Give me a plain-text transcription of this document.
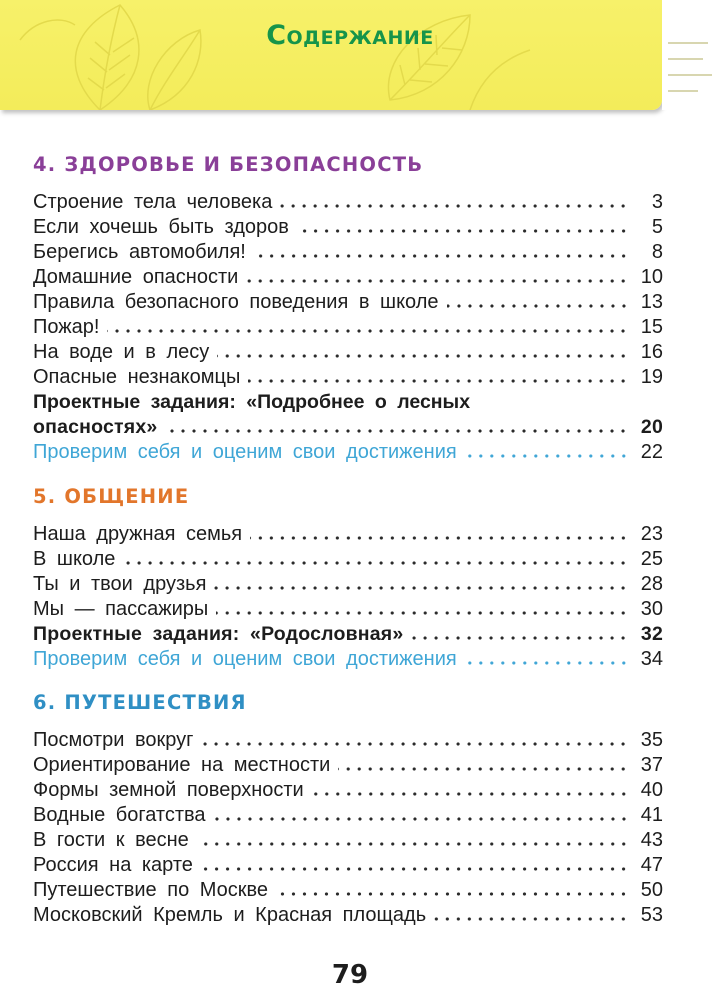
Содержание
4. ЗДОРОВЬЕ И БЕЗОПАСНОСТЬ
Строение тела человека	3
Если хочешь быть здоров	5
Берегись автомобиля!	8
Домашние опасности	10
Правила безопасного поведения в школе	13
Пожар!	15
На воде и в лесу	16
Опасные незнакомцы	19
Проектные задания: «Подробнее о лесных
опасностях»	20
Проверим себя и оценим свои достижения	22
5. ОБЩЕНИЕ
Наша дружная семья	23
В школе	25
Ты и твои друзья	28
Мы — пассажиры	30
Проектные задания: «Родословная»	32
Проверим себя и оценим свои достижения	34
6. ПУТЕШЕСТВИЯ
Посмотри вокруг	35
Ориентирование на местности	37
Формы земной поверхности	40
Водные богатства	41
В гости к весне	43
Россия на карте	47
Путешествие по Москве	50
Московский Кремль и Красная площадь	53
79
